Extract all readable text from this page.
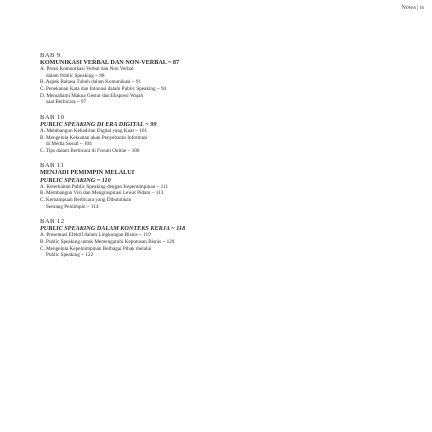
Nowa | is
BAB 9
KOMUNIKASI VERBAL DAN NON-VERBAL ~ 87
A. Peran Komunikasi Verbal dan Non Verbal
dalam Public Speaking ~ 88
B. Aspek Bahasa Tubuh dalam Komunikasi ~ 91
C. Penekanan Kata dan Intonasi dalam Public Speaking ~ 94
D. Memahami Makna Gestur dan Ekspresi Wajah
saat Berbicara ~ 97
BAB 10
PUBLIC SPEAKING DI ERA DIGITAL ~ 99
A. Membangun Kehadiran Digital yang Kuat ~ 101
B. Mengelola Kekuatan akan Penyebaran Informasi
di Media Sosial ~ 104
C. Tips dalam Berbicara di Forum Online ~ 108
BAB 11
MENJADI PEMIMPIN MELALUI
PUBLIC SPEAKING ~ 110
A. Keterkaitan Public Speaking dengan Kepemimpinan ~ 111
B. Membangun Visi dan Menginspirasi Lewat Pidato ~ 113
C. Kemampuan Berbicara yang Dibutuhkan
Seorang Pemimpin ~ 114
BAB 12
PUBLIC SPEAKING DALAM KONTEKS KERJA ~ 118
A. Presentasi Efektif dalam Lingkungan Bisnis ~ 119
B. Public Speaking untuk Memengaruhi Keputusan Bisnis ~ 120
C. Mengelola Kepemimpinan Berbagai Pihak melalui
Public Speaking ~ 122
